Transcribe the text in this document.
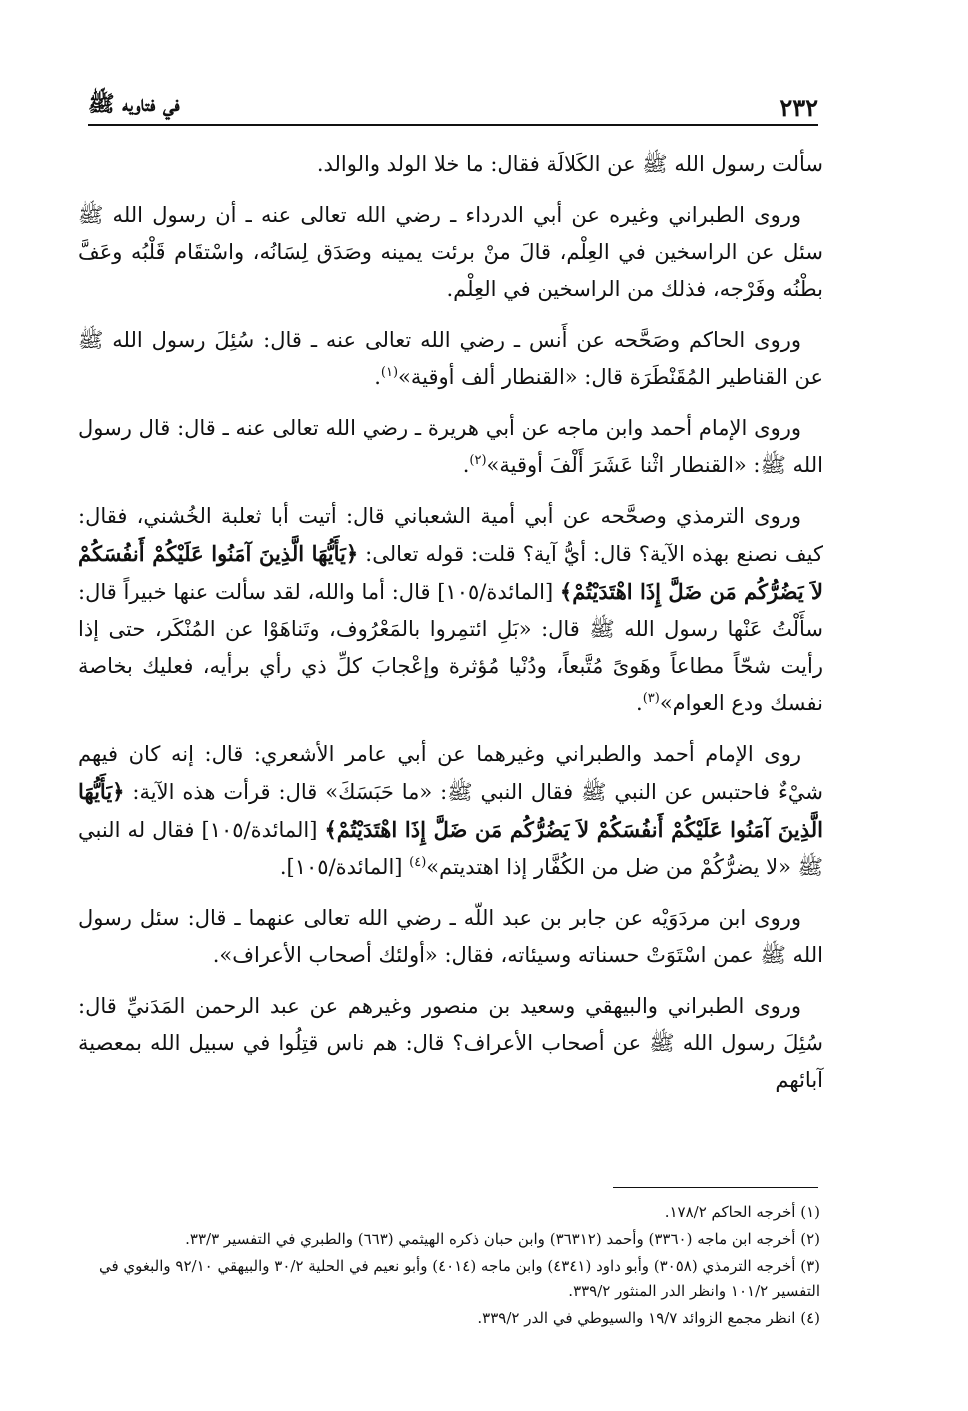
٢٣٢
في فتاويه ﷺ

سألت رسول الله ﷺ عن الكَلالَة فقال: ما خلا الولد والوالد.

وروى الطبراني وغيره عن أبي الدرداء ـ رضي الله تعالى عنه ـ أن رسول الله ﷺ سئل عن الراسخين في العِلْم، قالَ منْ برئت يمينه وصَدَق لِسَانُه، واسْتقَام قَلْبُه وعَفَّ بطْنُه وفَرْجه، فذلك من الراسخين في العِلْم.

وروى الحاكم وصَحَّحه عن أَنس ـ رضي الله تعالى عنه ـ قال: سُئِلَ رسول الله ﷺ عن القناطير المُقَنْطَرَة قال: «القنطار ألف أوقية»$^{(١)}$.

وروى الإمام أحمد وابن ماجه عن أبي هريرة ـ رضي الله تعالى عنه ـ قال: قال رسول الله ﷺ: «القنطار اثْنا عَشَرَ أَلْفَ أوقية»$^{(٢)}$.

وروى الترمذي وصحَّحه عن أبي أمية الشعباني قال: أتيت أبا ثعلبة الخُشني، فقال: كيف نصنع بهذه الآية؟ قال: أيُّ آية؟ قلت: قوله تعالى: ﴿يَأَيُّهَا الَّذِينَ آمَنُوا عَلَيْكُمْ أَنفُسَكُمْ لاَ يَضُرُّكُم مَن ضَلَّ إِذَا اهْتَدَيْتُمْ﴾ [المائدة/١٠٥] قال: أما والله، لقد سألت عنها خبيراً قال: سأَلْتُ عَنْها رسول الله ﷺ قال: «بَلِ ائتمِروا بالمَعْرُوف، وتَناهَوْا عن المُنْكَر، حتى إذا رأيت شحّاً مطاعاً وهَوىً مُتَّبعاً، ودُنْيا مُؤثرة وإعْجابَ كلِّ ذي رأي برأيه، فعليك بخاصة نفسك ودع العوام»$^{(٣)}$.

روى الإمام أحمد والطبراني وغيرهما عن أبي عامر الأشعري: قال: إنه كان فيهم شيْءٌ فاحتبس عن النبي ﷺ فقال النبي ﷺ: «ما حَبَسَكَ» قال: قرأت هذه الآية: ﴿يَأَيُّهَا الَّذِينَ آمَنُوا عَلَيْكُمْ أَنفُسَكُمْ لاَ يَضُرُّكُم مَن ضَلَّ إِذَا اهْتَدَيْتُمْ﴾ [المائدة/١٠٥] فقال له النبي ﷺ «لا يضرُّكُمْ من ضل من الكُفَّار إذا اهتديتم»$^{(٤)}$ [المائدة/١٠٥].

وروى ابن مردَوَيْه عن جابر بن عبد اللّه ـ رضي الله تعالى عنهما ـ قال: سئل رسول الله ﷺ عمن اسْتَوَتْ حسناته وسيئاته، فقال: «أولئك أصحاب الأعراف».

وروى الطبراني والبيهقي وسعيد بن منصور وغيرهم عن عبد الرحمن المَدَنيِّ قال: سُئِلَ رسول الله ﷺ عن أصحاب الأعراف؟ قال: هم ناس قتِلُوا في سبيل الله بمعصية آبائهم

(١) أخرجه الحاكم ١٧٨/٢.
(٢) أخرجه ابن ماجه (٣٣٦٠) وأحمد (٣٦٣١٢) وابن حبان ذكره الهيثمي (٦٦٣) والطبري في التفسير ٣٣/٣.
(٣) أخرجه الترمذي (٣٠٥٨) وأبو داود (٤٣٤١) وابن ماجه (٤٠١٤) وأبو نعيم في الحلية ٣٠/٢ والبيهقي ٩٢/١٠ والبغوي في التفسير ١٠١/٢ وانظر الدر المنثور ٣٣٩/٢.
(٤) انظر مجمع الزوائد ١٩/٧ والسيوطي في الدر ٣٣٩/٢.
